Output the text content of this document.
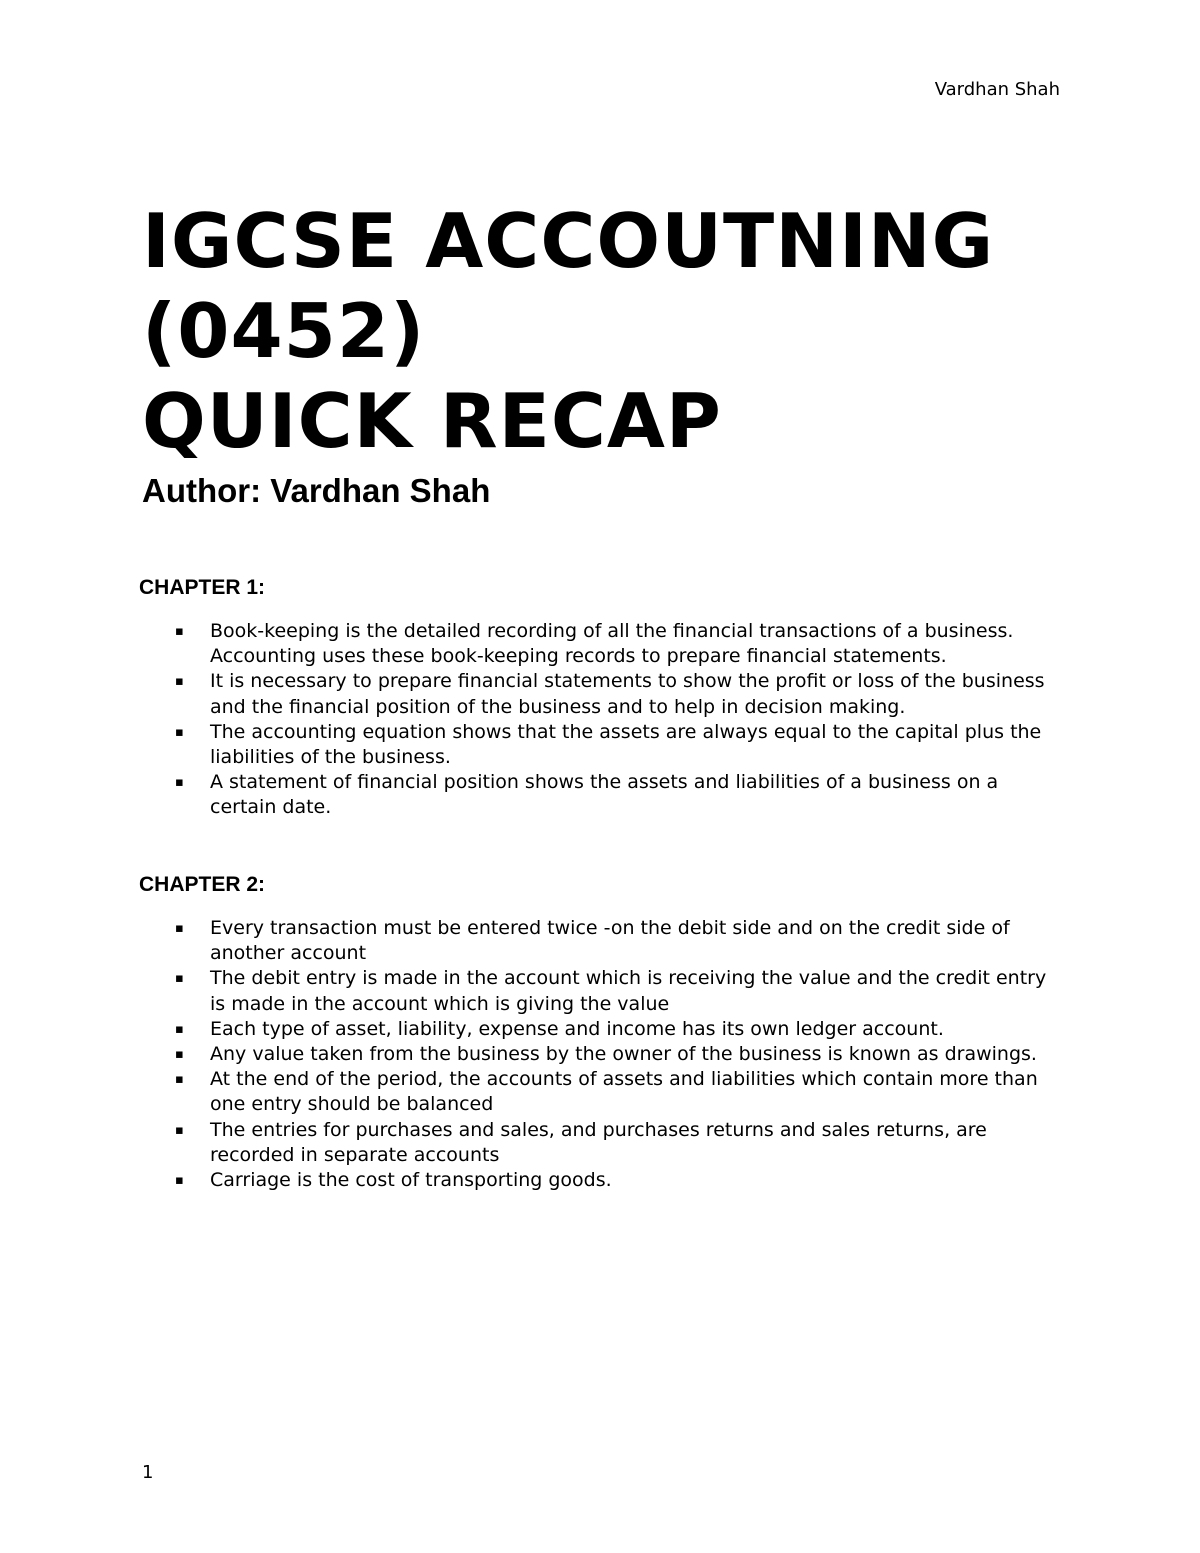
Vardhan Shah
IGCSE ACCOUTNING
(0452)
QUICK RECAP
Author: Vardhan Shah
CHAPTER 1:
▪ Book-keeping is the detailed recording of all the financial transactions of a business. Accounting uses these book-keeping records to prepare financial statements.
▪ It is necessary to prepare financial statements to show the profit or loss of the business and the financial position of the business and to help in decision making.
▪ The accounting equation shows that the assets are always equal to the capital plus the liabilities of the business.
▪ A statement of financial position shows the assets and liabilities of a business on a certain date.
CHAPTER 2:
▪ Every transaction must be entered twice -on the debit side and on the credit side of another account
▪ The debit entry is made in the account which is receiving the value and the credit entry is made in the account which is giving the value
▪ Each type of asset, liability, expense and income has its own ledger account.
▪ Any value taken from the business by the owner of the business is known as drawings.
▪ At the end of the period, the accounts of assets and liabilities which contain more than one entry should be balanced
▪ The entries for purchases and sales, and purchases returns and sales returns, are recorded in separate accounts
▪ Carriage is the cost of transporting goods.
1
